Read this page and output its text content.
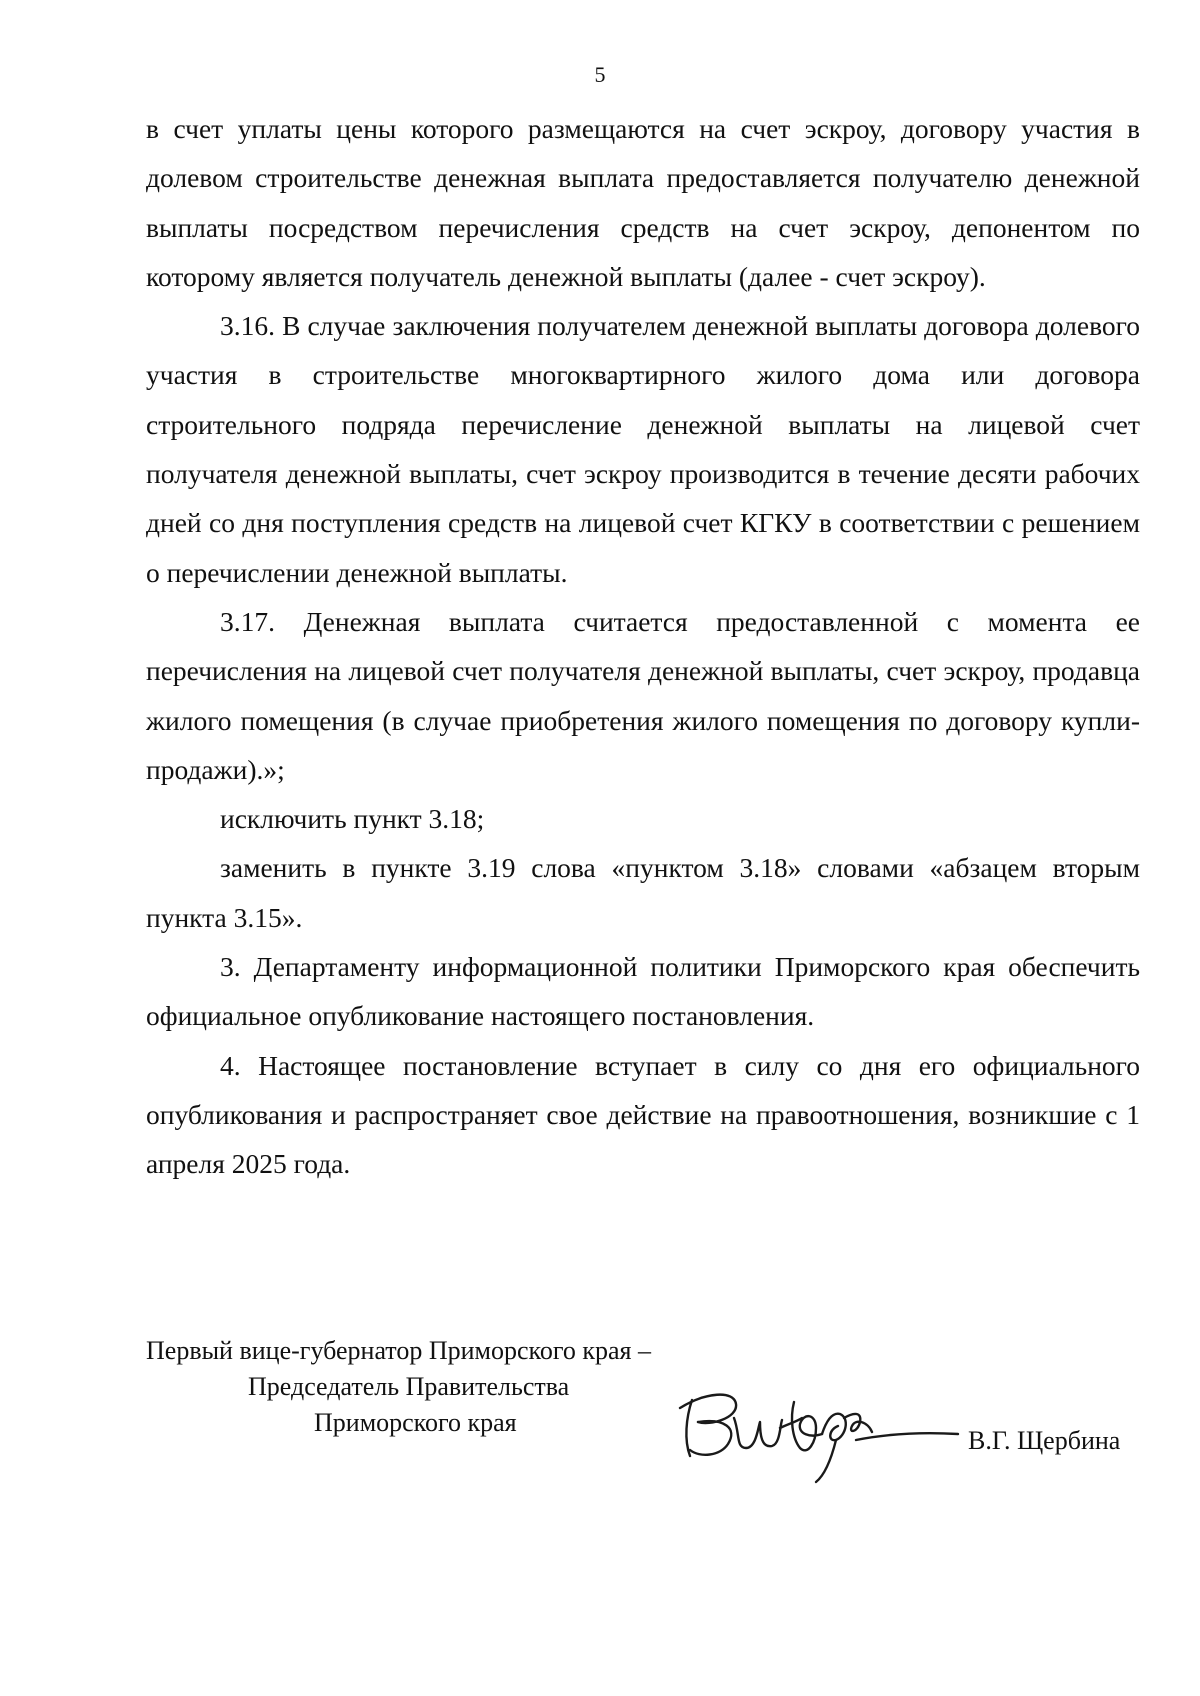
5

в счет уплаты цены которого размещаются на счет эскроу, договору участия в долевом строительстве денежная выплата предоставляется получателю денежной выплаты посредством перечисления средств на счет эскроу, депонентом по которому является получатель денежной выплаты (далее - счет эскроу).

3.16. В случае заключения получателем денежной выплаты договора долевого участия в строительстве многоквартирного жилого дома или договора строительного подряда перечисление денежной выплаты на лицевой счет получателя денежной выплаты, счет эскроу производится в течение десяти рабочих дней со дня поступления средств на лицевой счет КГКУ в соответствии с решением о перечислении денежной выплаты.

3.17. Денежная выплата считается предоставленной с момента ее перечисления на лицевой счет получателя денежной выплаты, счет эскроу, продавца жилого помещения (в случае приобретения жилого помещения по договору купли-продажи).»;

исключить пункт 3.18;

заменить в пункте 3.19 слова «пунктом 3.18» словами «абзацем вторым пункта 3.15».

3. Департаменту информационной политики Приморского края обеспечить официальное опубликование настоящего постановления.

4. Настоящее постановление вступает в силу со дня его официального опубликования и распространяет свое действие на правоотношения, возникшие с 1 апреля 2025 года.

Первый вице-губернатор Приморского края –
Председатель Правительства
Приморского края
В.Г. Щербина
